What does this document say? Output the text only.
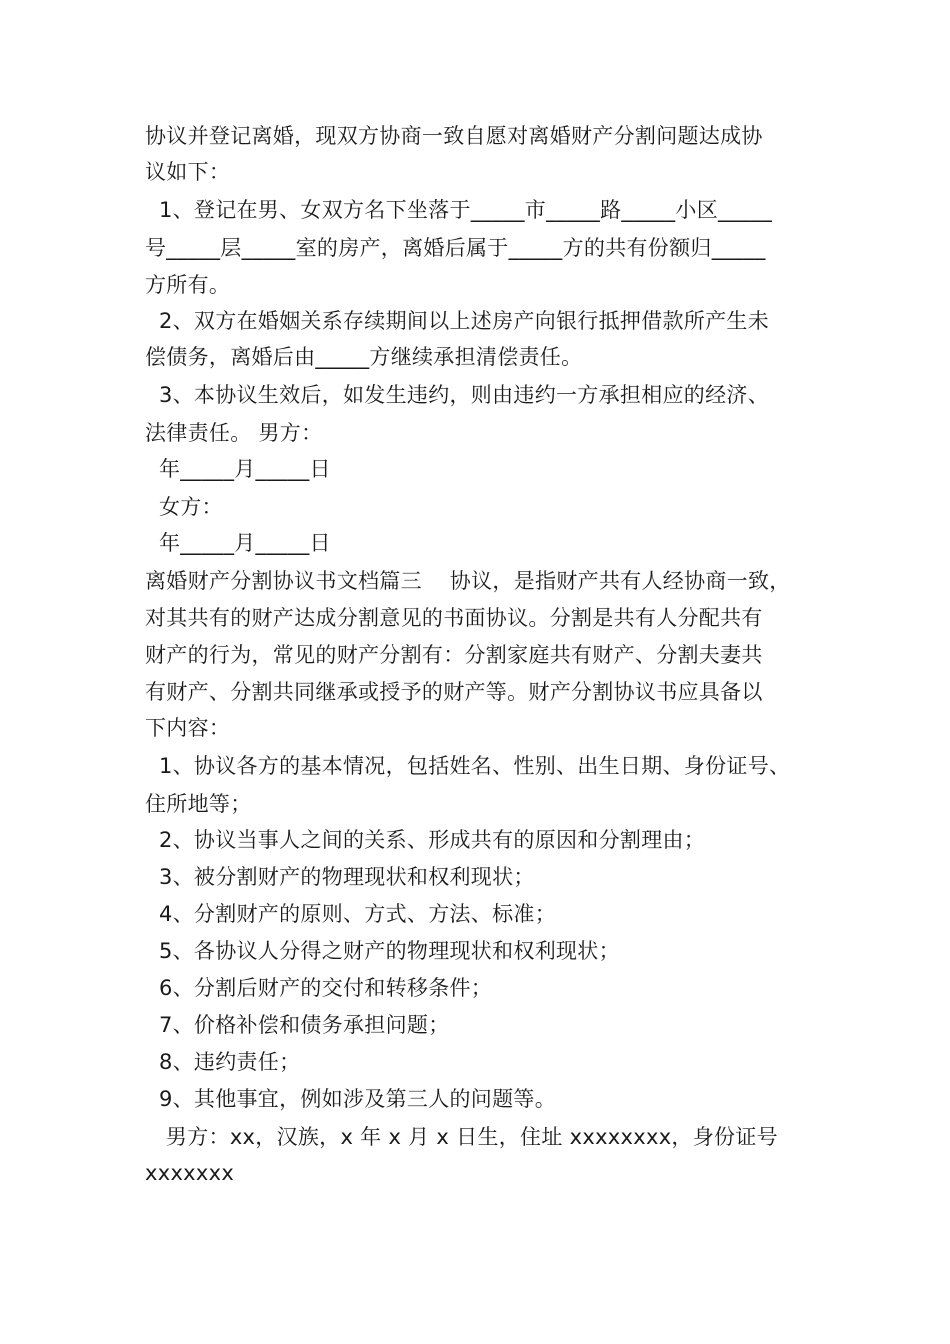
协议并登记离婚，现双方协商一致自愿对离婚财产分割问题达成协
议如下：
1、登记在男、女双方名下坐落于_____市_____路_____小区_____
号_____层_____室的房产，离婚后属于_____方的共有份额归_____
方所有。
2、双方在婚姻关系存续期间以上述房产向银行抵押借款所产生未
偿债务，离婚后由_____方继续承担清偿责任。
3、本协议生效后，如发生违约，则由违约一方承担相应的经济、
法律责任。 男方：
年_____月_____日
女方：
年_____月_____日
离婚财产分割协议书文档篇三    协议，是指财产共有人经协商一致，
对其共有的财产达成分割意见的书面协议。分割是共有人分配共有
财产的行为，常见的财产分割有：分割家庭共有财产、分割夫妻共
有财产、分割共同继承或授予的财产等。财产分割协议书应具备以
下内容：
1、协议各方的基本情况，包括姓名、性别、出生日期、身份证号、
住所地等；
2、协议当事人之间的关系、形成共有的原因和分割理由；
3、被分割财产的物理现状和权利现状；
4、分割财产的原则、方式、方法、标准；
5、各协议人分得之财产的物理现状和权利现状；
6、分割后财产的交付和转移条件；
7、价格补偿和债务承担问题；
8、违约责任；
9、其他事宜，例如涉及第三人的问题等。
男方：xx，汉族，x 年 x 月 x 日生，住址 xxxxxxxx，身份证号
xxxxxxx
